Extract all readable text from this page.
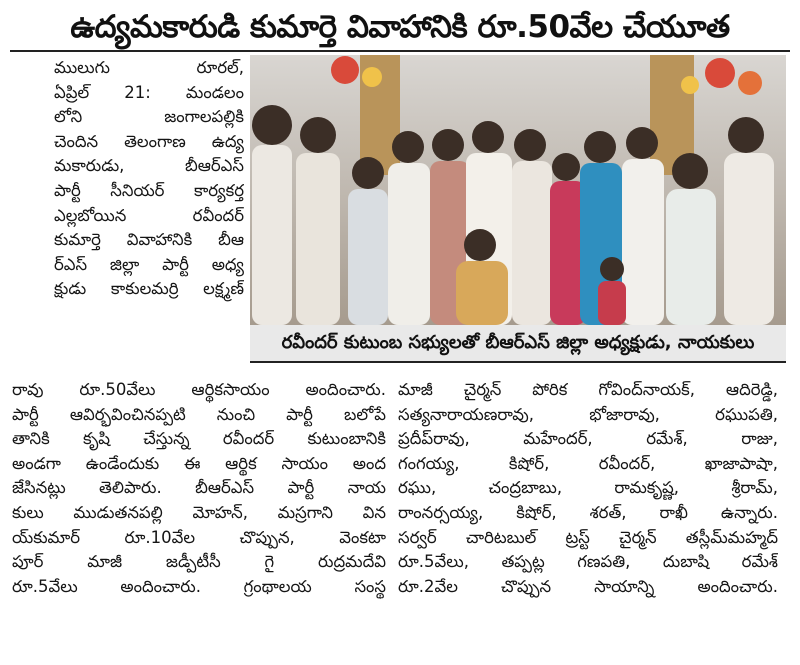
ఉద్యమకారుడి కుమార్తె వివాహానికి రూ.50వేల చేయూత
ములుగు రూరల్,
ఏప్రిల్ 21: మండలం
లోని జంగాలపల్లికి
చెందిన తెలంగాణ ఉద్య
మకారుడు, బీఆర్ఎస్
పార్టీ సీనియర్ కార్యకర్త
ఎల్లబోయిన రవీందర్
కుమార్తె వివాహానికి బీఆ
ర్ఎస్ జిల్లా పార్టీ అధ్య
క్షుడు కాకులమర్రి లక్ష్మణ్
రవీందర్ కుటుంబ సభ్యులతో బీఆర్ఎస్ జిల్లా అధ్యక్షుడు, నాయకులు
రావు రూ.50వేలు ఆర్థికసాయం అందించారు.
పార్టీ ఆవిర్భవించినప్పటి నుంచి పార్టీ బలోపే
తానికి కృషి చేస్తున్న రవీందర్ కుటుంబానికి
అండగా ఉండేందుకు ఈ ఆర్థిక సాయం అంద
జేసినట్లు తెలిపారు. బీఆర్ఎస్ పార్టీ నాయ
కులు ముడుతనపల్లి మోహన్, మస్రగాని విన
య్‌కుమార్ రూ.10వేల చొప్పున, వెంకటా
పూర్ మాజీ జడ్పీటీసీ గై రుద్రమదేవి
రూ.5వేలు అందించారు. గ్రంథాలయ సంస్థ
మాజీ చైర్మన్ పోరిక గోవింద్‌నాయక్, ఆదిరెడ్డి,
సత్యనారాయణరావు, భోజారావు, రఘుపతి,
ప్రదీప్‌రావు, మహేందర్, రమేశ్, రాజు,
గంగయ్య, కిషోర్, రవీందర్, ఖాజాపాషా,
రఘు, చంద్రబాబు, రామకృష్ణ, శ్రీరామ్,
రాంనర్సయ్య, కిషోర్, శరత్, రాఖీ ఉన్నారు.
సర్వర్ చారిటబుల్ ట్రస్ట్ చైర్మన్ తస్లీమ్‌మహ్మద్
రూ.5వేలు, తప్పట్ల గణపతి, దుబాషి రమేశ్
రూ.2వేల చొప్పున సాయాన్ని అందించారు.
